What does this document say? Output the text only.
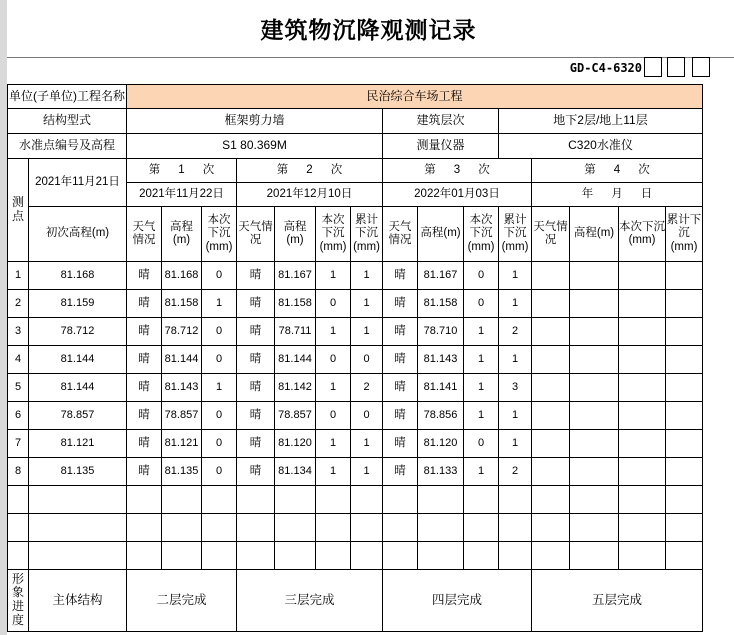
建筑物沉降观测记录
GD-C4-6320
单位(子单位)工程名称		民治综合车场工程														
结构型式		框架剪力墙							建筑层次			地下2层/地上11层				
水准点编号及高程		S1 80.369M							测量仪器			C320水准仪				
测点	2021年11月21日	第 1 次			第 2 次				第 3 次				第 4 次			
		2021年11月22日			2021年12月10日				2022年01月03日				年 月 日			
	初次高程(m)	天气情况	高程(m)	本次下沉(mm)	天气情况	高程(m)	本次下沉(mm)	累计下沉(mm)	天气情况	高程(m)	本次下沉(mm)	累计下沉(mm)	天气情况	高程(m)	本次下沉(mm)	累计下沉(mm)
1	81.168	晴	81.168	0	晴	81.167	1	1	晴	81.167	0	1				
2	81.159	晴	81.158	1	晴	81.158	0	1	晴	81.158	0	1				
3	78.712	晴	78.712	0	晴	78.711	1	1	晴	78.710	1	2				
4	81.144	晴	81.144	0	晴	81.144	0	0	晴	81.143	1	1				
5	81.144	晴	81.143	1	晴	81.142	1	2	晴	81.141	1	3				
6	78.857	晴	78.857	0	晴	78.857	0	0	晴	78.856	1	1				
7	81.121	晴	81.121	0	晴	81.120	1	1	晴	81.120	0	1				
8	81.135	晴	81.135	0	晴	81.134	1	1	晴	81.133	1	2				

形象进度	主体结构	二层完成			三层完成				四层完成				五层完成			
